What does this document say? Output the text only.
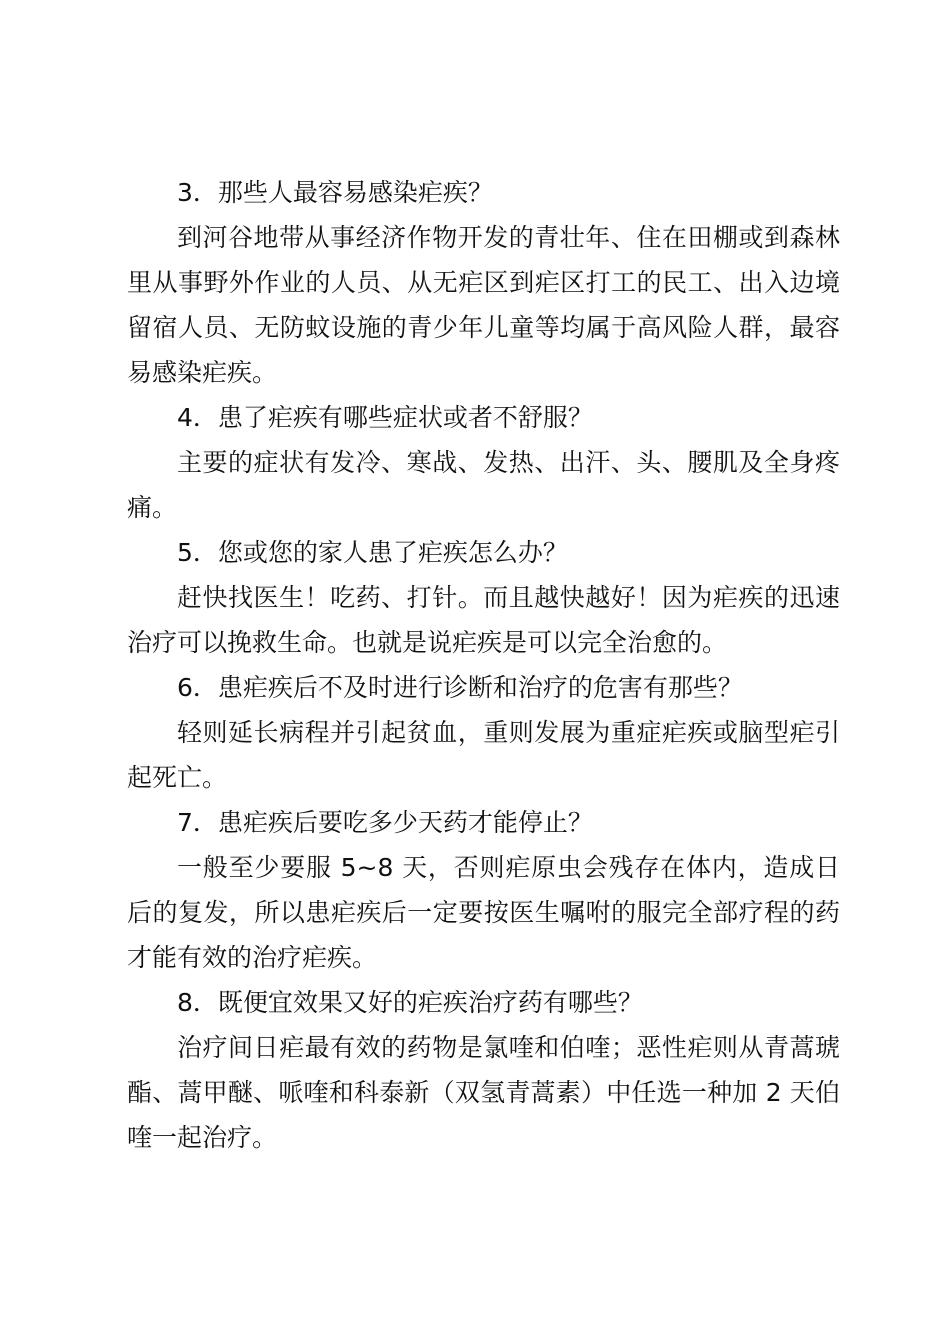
3．那些人最容易感染疟疾？

到河谷地带从事经济作物开发的青壮年、住在田棚或到森林里从事野外作业的人员、从无疟区到疟区打工的民工、出入边境留宿人员、无防蚊设施的青少年儿童等均属于高风险人群，最容易感染疟疾。

4．患了疟疾有哪些症状或者不舒服？

主要的症状有发冷、寒战、发热、出汗、头、腰肌及全身疼痛。

5．您或您的家人患了疟疾怎么办？

赶快找医生！吃药、打针。而且越快越好！因为疟疾的迅速治疗可以挽救生命。也就是说疟疾是可以完全治愈的。

6．患疟疾后不及时进行诊断和治疗的危害有那些？

轻则延长病程并引起贫血，重则发展为重症疟疾或脑型疟引起死亡。

7．患疟疾后要吃多少天药才能停止？

一般至少要服 5~8 天，否则疟原虫会残存在体内，造成日后的复发，所以患疟疾后一定要按医生嘱咐的服完全部疗程的药才能有效的治疗疟疾。

8．既便宜效果又好的疟疾治疗药有哪些？

治疗间日疟最有效的药物是氯喹和伯喹；恶性疟则从青蒿琥酯、蒿甲醚、哌喹和科泰新（双氢青蒿素）中任选一种加 2 天伯喹一起治疗。
